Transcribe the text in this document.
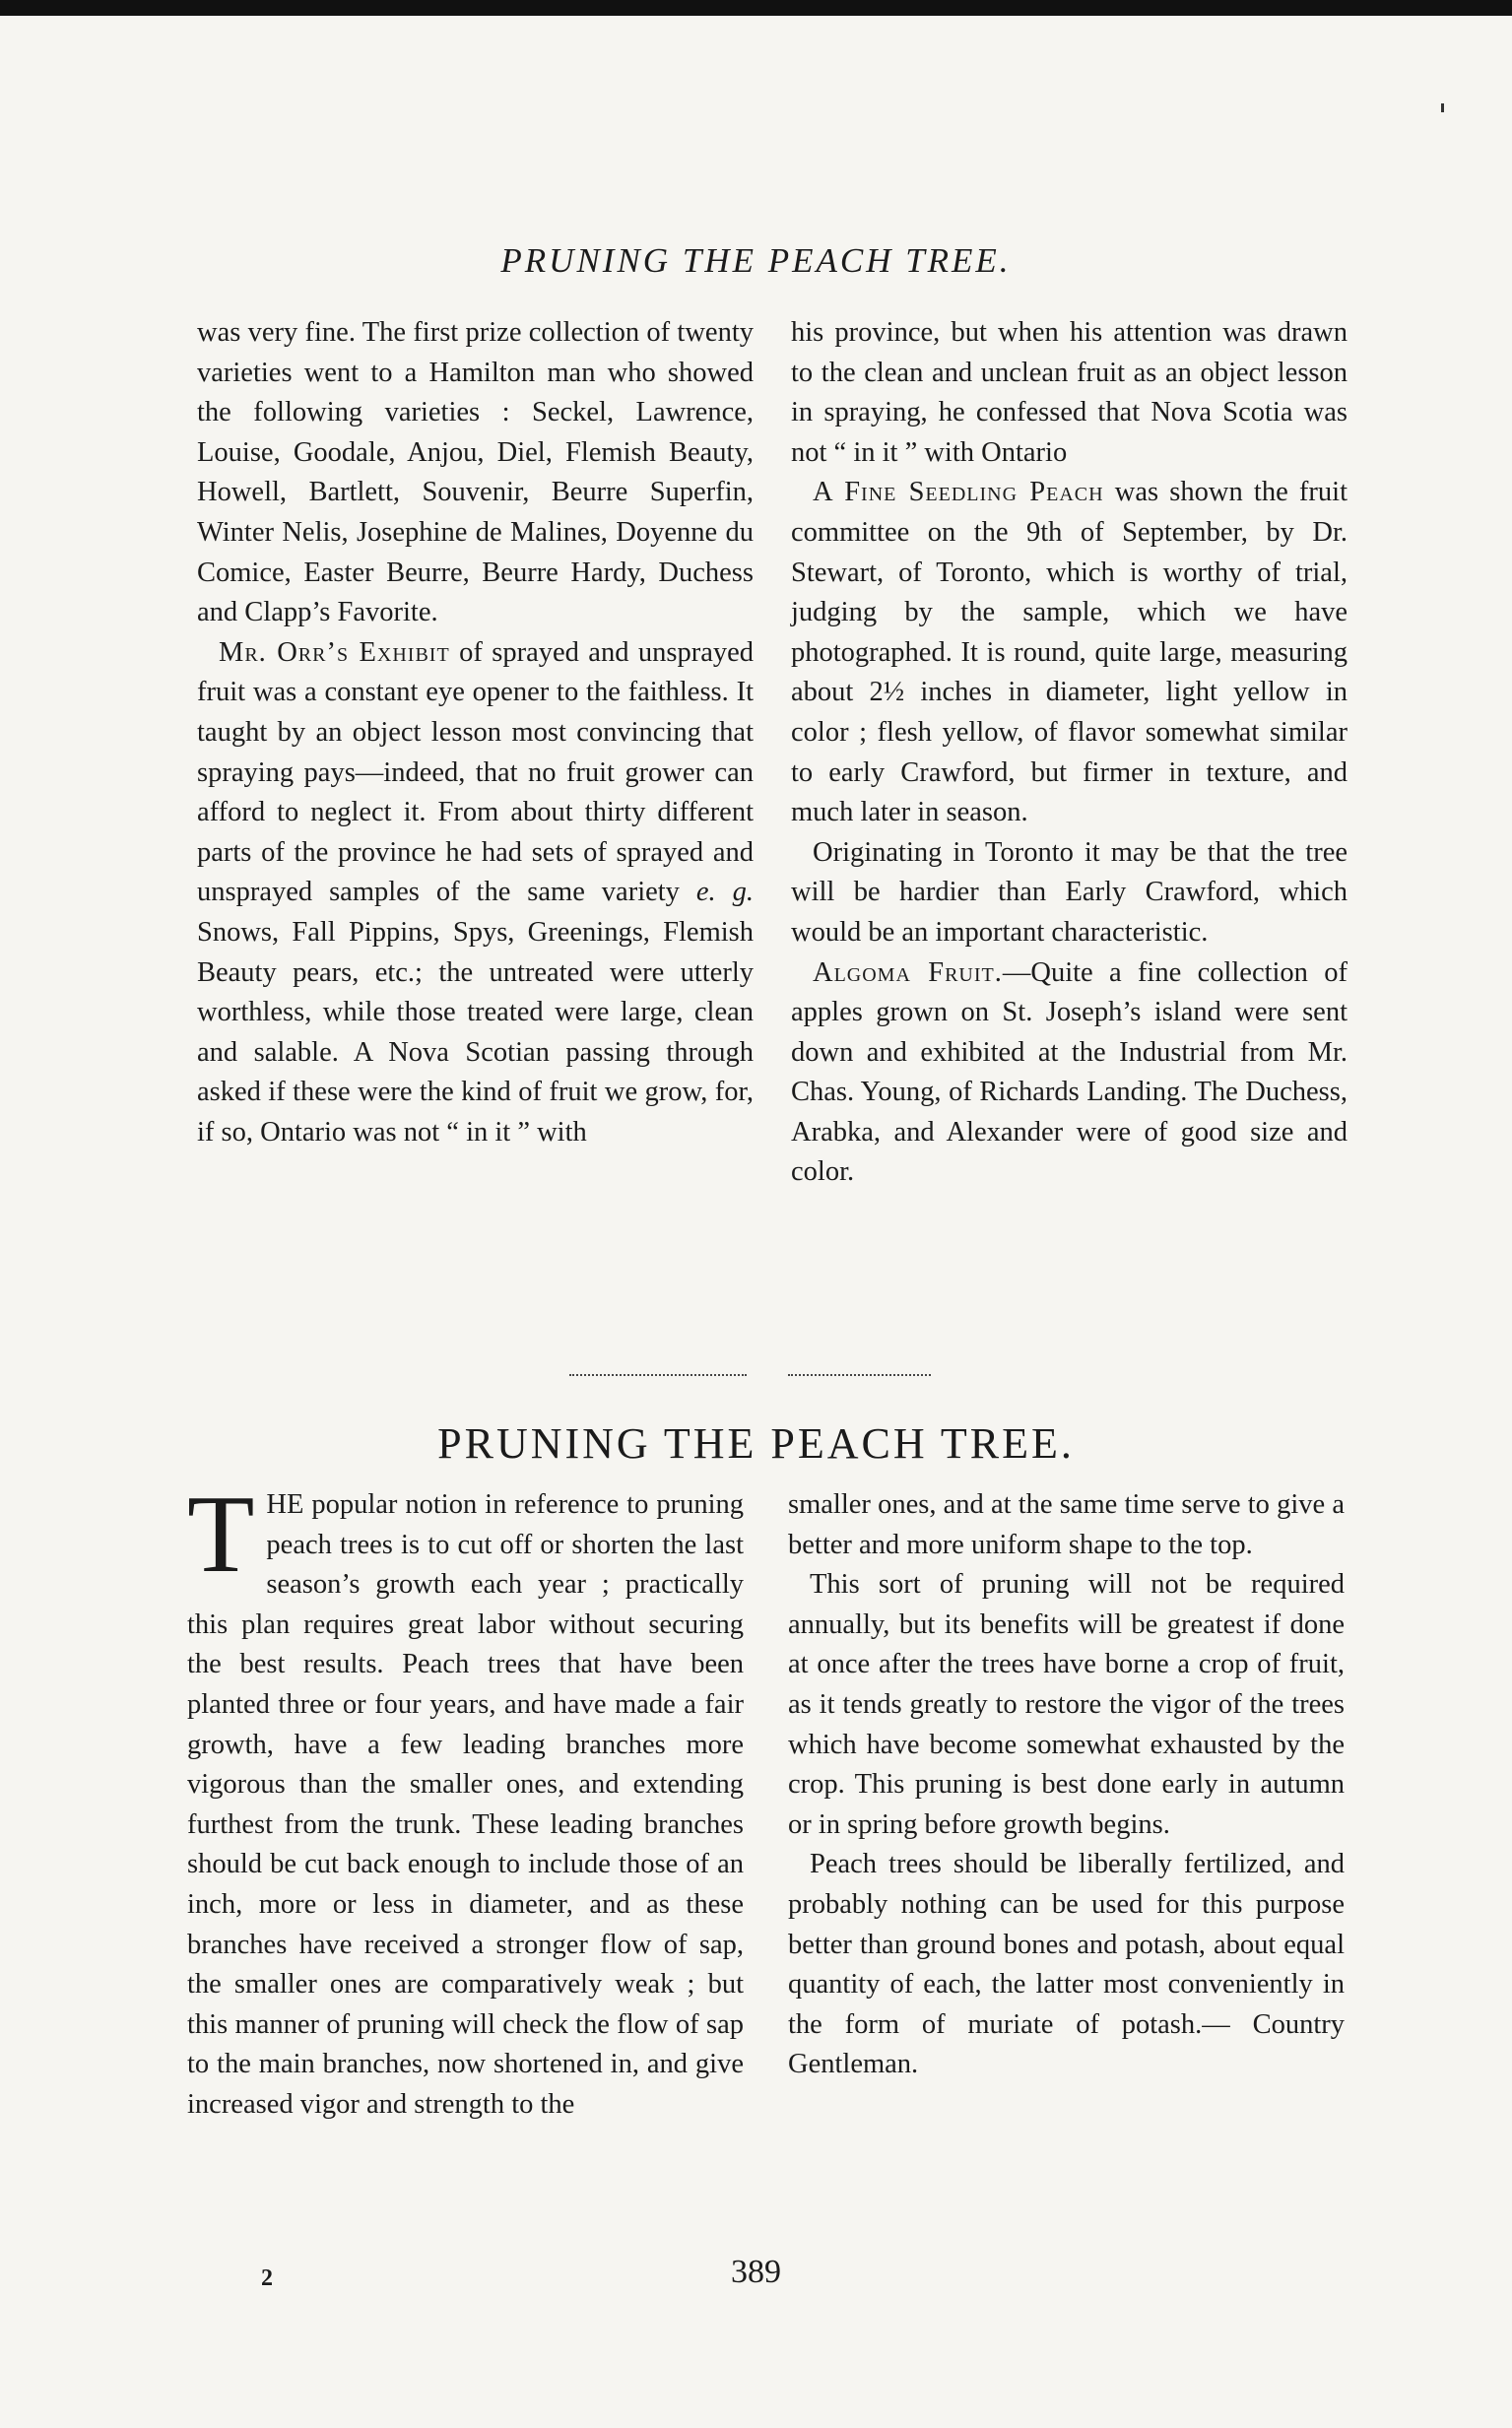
PRUNING THE PEACH TREE.

was very fine. The first prize collection of twenty varieties went to a Hamilton man who showed the following varieties : Seckel, Lawrence, Louise, Goodale, Anjou, Diel, Flemish Beauty, Howell, Bartlett, Souvenir, Beurre Superfin, Winter Nelis, Josephine de Malines, Doyenne du Comice, Easter Beurre, Beurre Hardy, Duchess and Clapp’s Favorite.

Mr. Orr’s Exhibit of sprayed and unsprayed fruit was a constant eye opener to the faithless. It taught by an object lesson most convincing that spraying pays—indeed, that no fruit grower can afford to neglect it. From about thirty different parts of the province he had sets of sprayed and unsprayed samples of the same variety e. g. Snows, Fall Pippins, Spys, Greenings, Flemish Beauty pears, etc.; the untreated were utterly worthless, while those treated were large, clean and salable. A Nova Scotian passing through asked if these were the kind of fruit we grow, for, if so, Ontario was not “ in it ” with

his province, but when his attention was drawn to the clean and unclean fruit as an object lesson in spraying, he confessed that Nova Scotia was not “ in it ” with Ontario

A Fine Seedling Peach was shown the fruit committee on the 9th of September, by Dr. Stewart, of Toronto, which is worthy of trial, judging by the sample, which we have photographed. It is round, quite large, measuring about 2½ inches in diameter, light yellow in color ; flesh yellow, of flavor somewhat similar to early Crawford, but firmer in texture, and much later in season.

Originating in Toronto it may be that the tree will be hardier than Early Crawford, which would be an important characteristic.

Algoma Fruit.—Quite a fine collection of apples grown on St. Joseph’s island were sent down and exhibited at the Industrial from Mr. Chas. Young, of Richards Landing. The Duchess, Arabka, and Alexander were of good size and color.

PRUNING THE PEACH TREE.

THE popular notion in reference to pruning peach trees is to cut off or shorten the last season’s growth each year ; practically this plan requires great labor without securing the best results. Peach trees that have been planted three or four years, and have made a fair growth, have a few leading branches more vigorous than the smaller ones, and extending furthest from the trunk. These leading branches should be cut back enough to include those of an inch, more or less in diameter, and as these branches have received a stronger flow of sap, the smaller ones are comparatively weak ; but this manner of pruning will check the flow of sap to the main branches, now shortened in, and give increased vigor and strength to the

smaller ones, and at the same time serve to give a better and more uniform shape to the top.

This sort of pruning will not be required annually, but its benefits will be greatest if done at once after the trees have borne a crop of fruit, as it tends greatly to restore the vigor of the trees which have become somewhat exhausted by the crop. This pruning is best done early in autumn or in spring before growth begins.

Peach trees should be liberally fertilized, and probably nothing can be used for this purpose better than ground bones and potash, about equal quantity of each, the latter most conveniently in the form of muriate of potash.— Country Gentleman.

2	389
